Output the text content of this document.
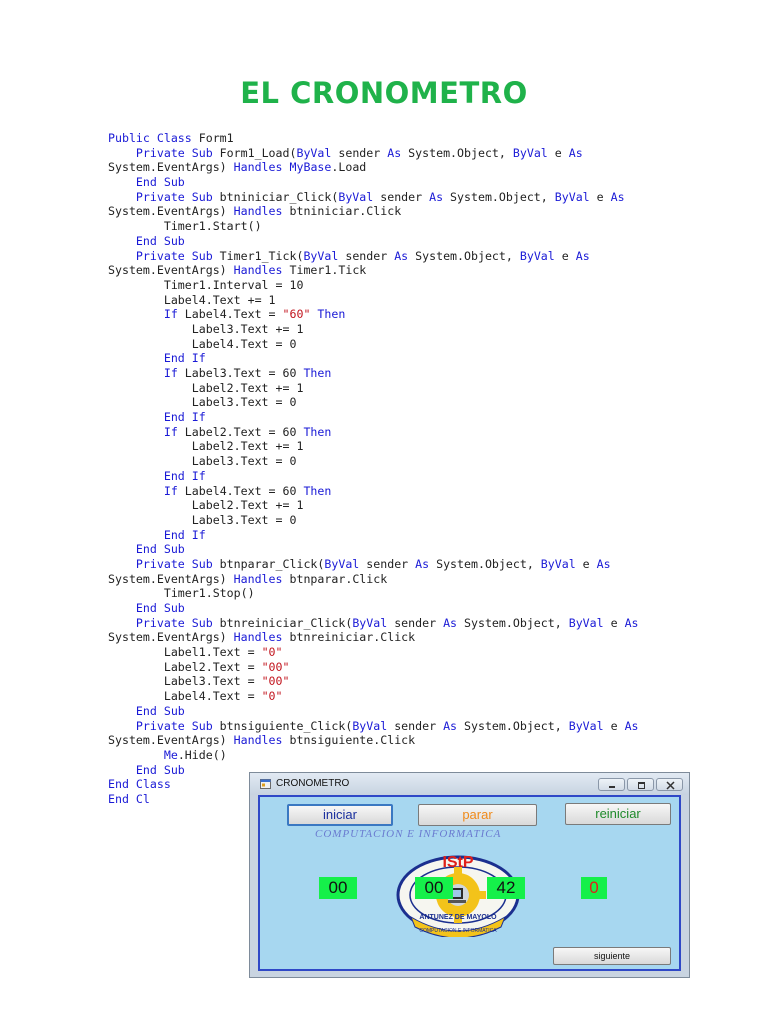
EL CRONOMETRO
Public Class Form1
Private Sub Form1_Load(ByVal sender As System.Object, ByVal e As
System.EventArgs) Handles MyBase.Load
End Sub
Private Sub btniniciar_Click(ByVal sender As System.Object, ByVal e As
System.EventArgs) Handles btniniciar.Click
Timer1.Start()
End Sub
Private Sub Timer1_Tick(ByVal sender As System.Object, ByVal e As
System.EventArgs) Handles Timer1.Tick
Timer1.Interval = 10
Label4.Text += 1
If Label4.Text = "60" Then
Label3.Text += 1
Label4.Text = 0
End If
If Label3.Text = 60 Then
Label2.Text += 1
Label3.Text = 0
End If
If Label2.Text = 60 Then
Label2.Text += 1
Label3.Text = 0
End If
If Label4.Text = 60 Then
Label2.Text += 1
Label3.Text = 0
End If
End Sub
Private Sub btnparar_Click(ByVal sender As System.Object, ByVal e As
System.EventArgs) Handles btnparar.Click
Timer1.Stop()
End Sub
Private Sub btnreiniciar_Click(ByVal sender As System.Object, ByVal e As
System.EventArgs) Handles btnreiniciar.Click
Label1.Text = "0"
Label2.Text = "00"
Label3.Text = "00"
Label4.Text = "0"
End Sub
Private Sub btnsiguiente_Click(ByVal sender As System.Object, ByVal e As
System.EventArgs) Handles btnsiguiente.Click
Me.Hide()
End Sub
End Class
End Cl
CRONOMETRO
iniciar	parar	reiniciar
COMPUTACION E INFORMATICA
IStP
ANTUNEZ DE MAYOLO
COMPUTACION E INFORMATICA
00	00	42	0
siguiente
